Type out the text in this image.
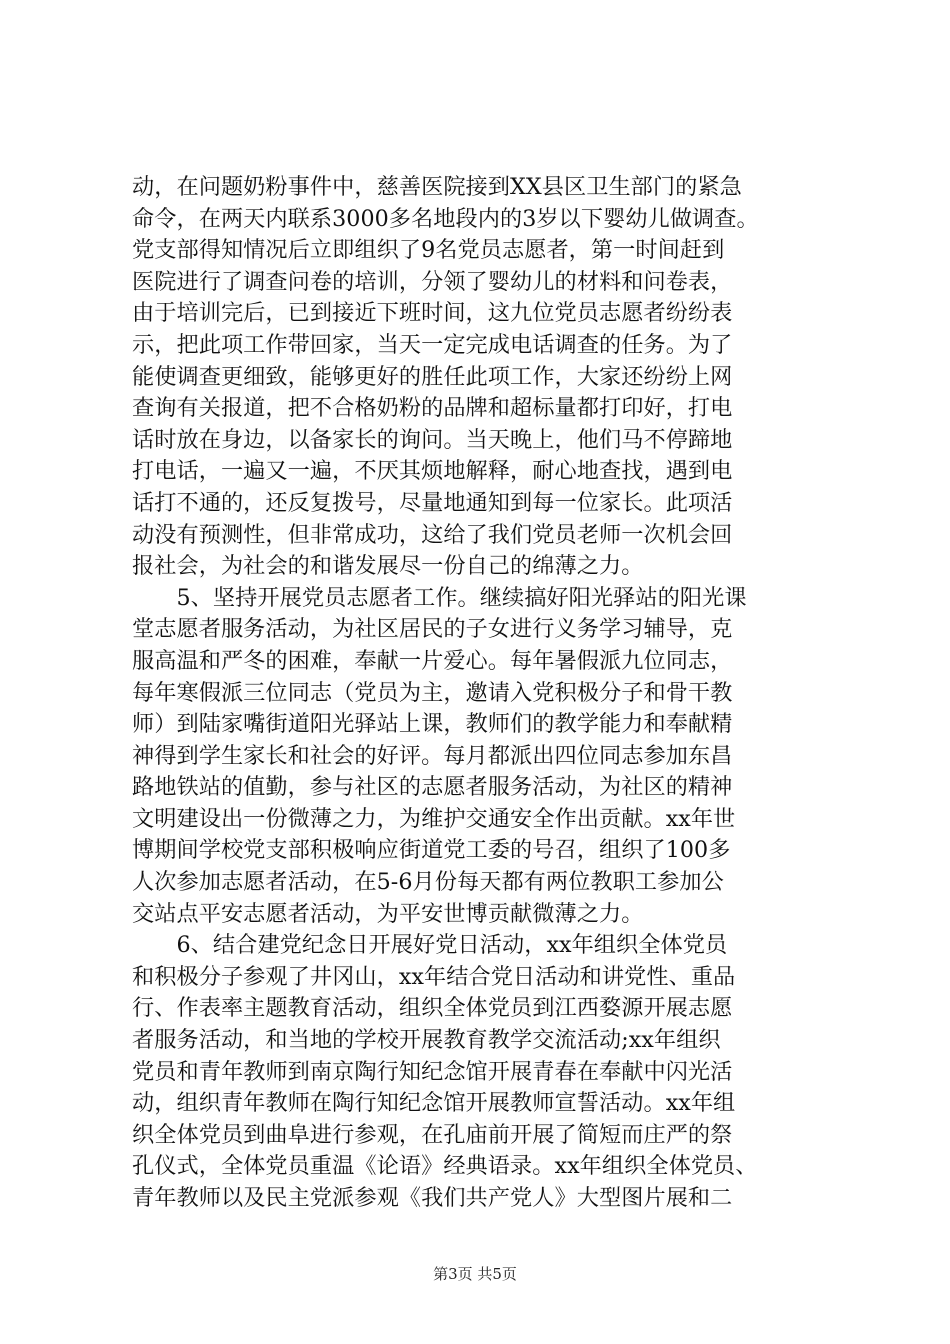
动，在问题奶粉事件中，慈善医院接到XX县区卫生部门的紧急
命令，在两天内联系3000多名地段内的3岁以下婴幼儿做调查。
党支部得知情况后立即组织了9名党员志愿者，第一时间赶到
医院进行了调查问卷的培训，分领了婴幼儿的材料和问卷表，
由于培训完后，已到接近下班时间，这九位党员志愿者纷纷表
示，把此项工作带回家，当天一定完成电话调查的任务。为了
能使调查更细致，能够更好的胜任此项工作，大家还纷纷上网
查询有关报道，把不合格奶粉的品牌和超标量都打印好，打电
话时放在身边，以备家长的询问。当天晚上，他们马不停蹄地
打电话，一遍又一遍，不厌其烦地解释，耐心地查找，遇到电
话打不通的，还反复拨号，尽量地通知到每一位家长。此项活
动没有预测性，但非常成功，这给了我们党员老师一次机会回
报社会，为社会的和谐发展尽一份自己的绵薄之力。
　　5、坚持开展党员志愿者工作。继续搞好阳光驿站的阳光课
堂志愿者服务活动，为社区居民的子女进行义务学习辅导，克
服高温和严冬的困难，奉献一片爱心。每年暑假派九位同志，
每年寒假派三位同志（党员为主，邀请入党积极分子和骨干教
师）到陆家嘴街道阳光驿站上课，教师们的教学能力和奉献精
神得到学生家长和社会的好评。每月都派出四位同志参加东昌
路地铁站的值勤，参与社区的志愿者服务活动，为社区的精神
文明建设出一份微薄之力，为维护交通安全作出贡献。xx年世
博期间学校党支部积极响应街道党工委的号召，组织了100多
人次参加志愿者活动，在5-6月份每天都有两位教职工参加公
交站点平安志愿者活动，为平安世博贡献微薄之力。
　　6、结合建党纪念日开展好党日活动，xx年组织全体党员
和积极分子参观了井冈山，xx年结合党日活动和讲党性、重品
行、作表率主题教育活动，组织全体党员到江西婺源开展志愿
者服务活动，和当地的学校开展教育教学交流活动;xx年组织
党员和青年教师到南京陶行知纪念馆开展青春在奉献中闪光活
动，组织青年教师在陶行知纪念馆开展教师宣誓活动。xx年组
织全体党员到曲阜进行参观，在孔庙前开展了简短而庄严的祭
孔仪式，全体党员重温《论语》经典语录。xx年组织全体党员、
青年教师以及民主党派参观《我们共产党人》大型图片展和二
第3页 共5页
